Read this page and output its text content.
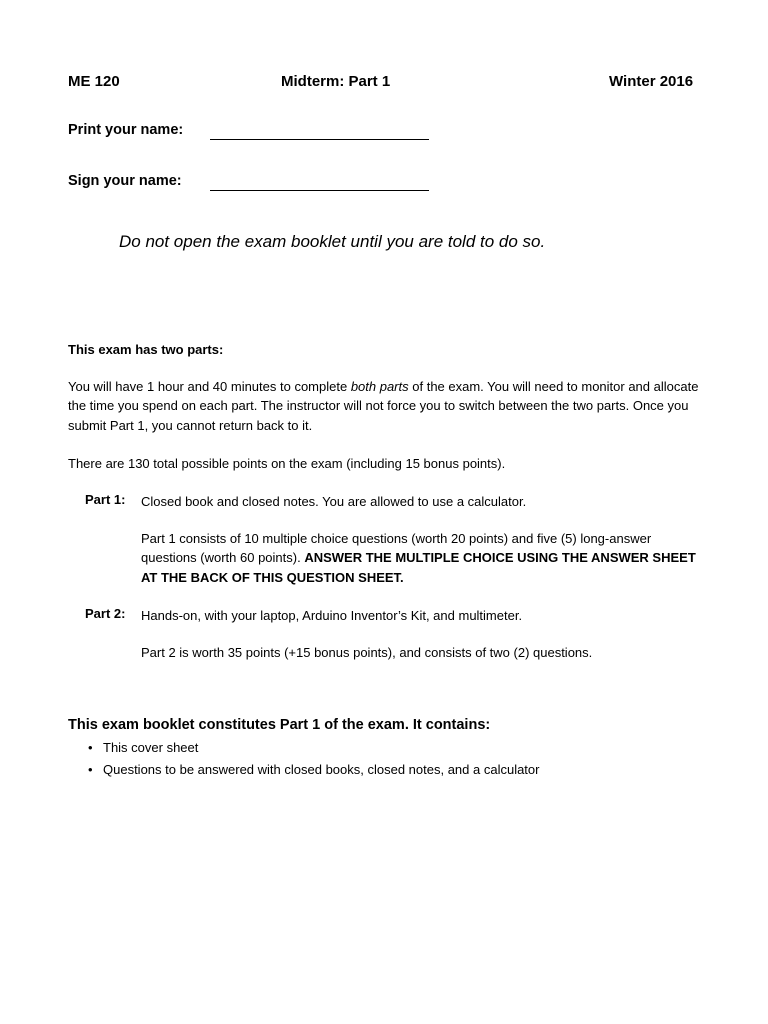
ME 120	Midterm: Part 1	Winter 2016
Print your name:
Sign your name:
Do not open the exam booklet until you are told to do so.
This exam has two parts:
You will have 1 hour and 40 minutes to complete both parts of the exam. You will need to monitor and allocate the time you spend on each part. The instructor will not force you to switch between the two parts. Once you submit Part 1, you cannot return back to it.
There are 130 total possible points on the exam (including 15 bonus points).
Part 1: Closed book and closed notes. You are allowed to use a calculator.
Part 1 consists of 10 multiple choice questions (worth 20 points) and five (5) long-answer questions (worth 60 points). ANSWER THE MULTIPLE CHOICE USING THE ANSWER SHEET AT THE BACK OF THIS QUESTION SHEET.
Part 2: Hands-on, with your laptop, Arduino Inventor’s Kit, and multimeter.
Part 2 is worth 35 points (+15 bonus points), and consists of two (2) questions.
This exam booklet constitutes Part 1 of the exam. It contains:
• This cover sheet
• Questions to be answered with closed books, closed notes, and a calculator
